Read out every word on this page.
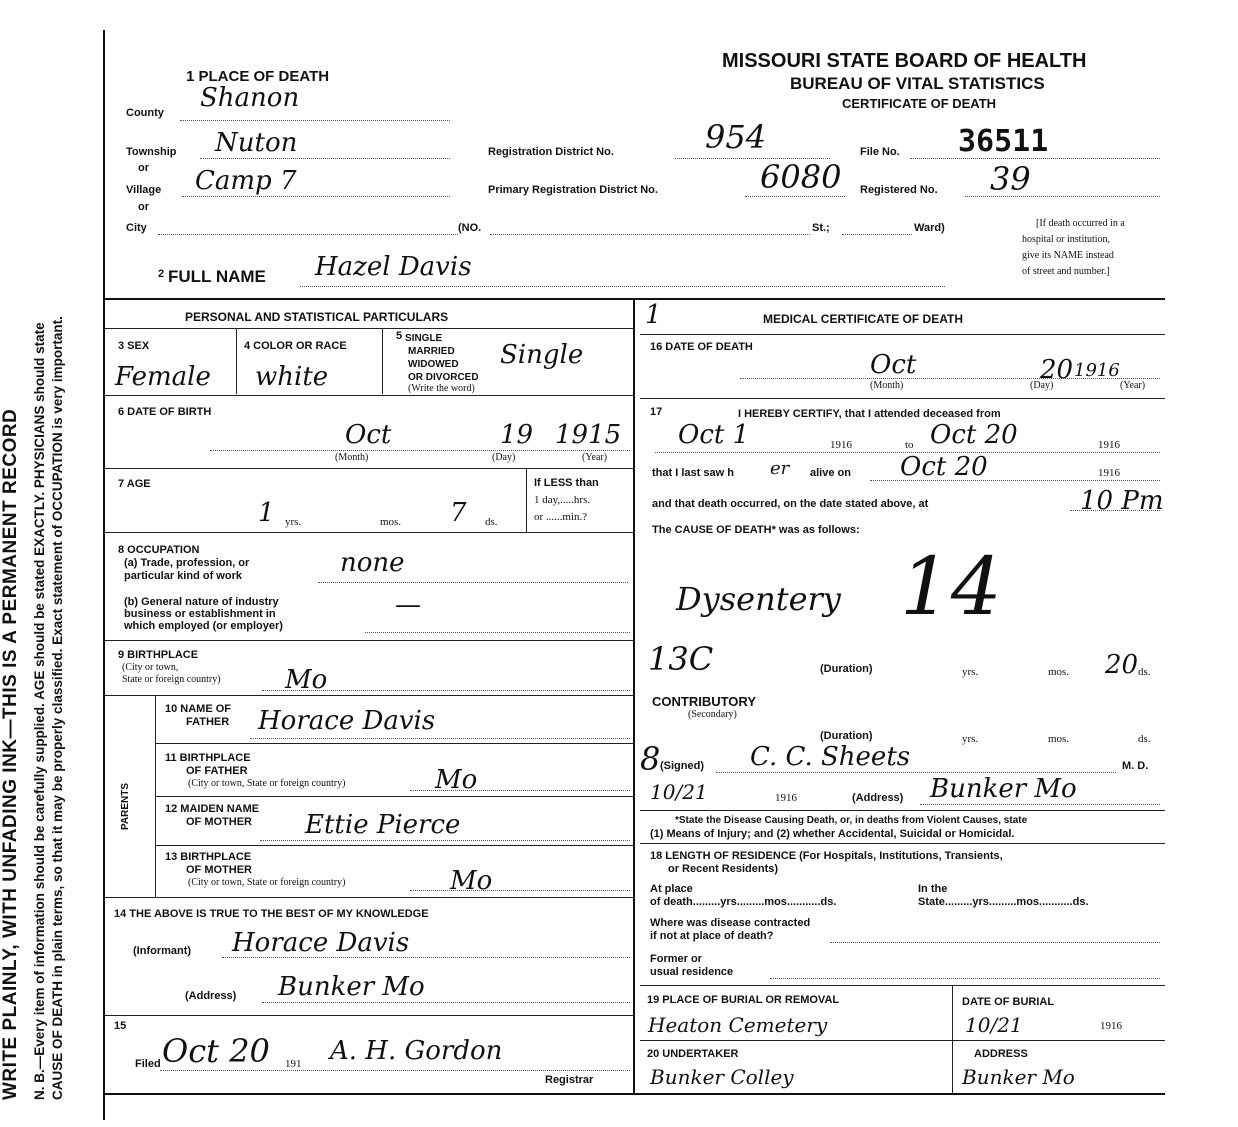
WRITE PLAINLY, WITH UNFADING INK—THIS IS A PERMANENT RECORD N. B.—Every item of information should be carefully supplied. AGE should be stated EXACTLY. PHYSICIANS should state CAUSE OF DEATH in plain terms, so that it may be properly classified. Exact statement of OCCUPATION is very important.
MISSOURI STATE BOARD OF HEALTH
BUREAU OF VITAL STATISTICS
CERTIFICATE OF DEATH
1 PLACE OF DEATH
County Shanon
Township Nuton
or
Village Camp 7
or
City	(NO.	St.;	Ward)
Registration District No.	954
Primary Registration District No.	6080
File No. 36511
Registered No. 39
[If death occurred in a
hospital or institution,
give its NAME instead
of street and number.]
2 FULL NAME Hazel Davis
PERSONAL AND STATISTICAL PARTICULARS
3 SEX
Female
4 COLOR OR RACE
white
5 SINGLE
MARRIED
WIDOWED
OR DIVORCED
(Write the word)
Single
6 DATE OF BIRTH
Oct	19 1915
(Month)	(Day)	(Year)
7 AGE
1 yrs.	mos. 7 ds.
If LESS than
1 day,.....hrs.
or ......min.?
8 OCCUPATION
(a) Trade, profession, or
particular kind of work	none
(b) General nature of industry
business or establishment in
which employed (or employer)
—
9 BIRTHPLACE
(City or town,
State or foreign country) Mo
PARENTS
10 NAME OF
FATHER Horace Davis
11 BIRTHPLACE
OF FATHER
(City or town, State or foreign country)	Mo
12 MAIDEN NAME
OF MOTHER Ettie Pierce
13 BIRTHPLACE
OF MOTHER
(City or town, State or foreign country)	Mo
14 THE ABOVE IS TRUE TO THE BEST OF MY KNOWLEDGE
(Informant) Horace Davis
(Address) Bunker Mo
15
Filed Oct 20 191 A. H. Gordon
Registrar
1	MEDICAL CERTIFICATE OF DEATH
16 DATE OF DEATH
Oct	20 1916
(Month)	(Day)	(Year)
17	I HEREBY CERTIFY, that I attended deceased from
Oct 1	1916	to Oct 20	1916
that I last saw h er alive on Oct 20	1916
and that death occurred, on the date stated above, at	10 Pm
The CAUSE OF DEATH* was as follows:
Dysentery 14
13C	(Duration)	yrs.	mos. 20 ds.
CONTRIBUTORY
(Secondary)
(Duration)	yrs.	mos.	ds.
8 (Signed) C. C. Sheets	M. D.
10/21	1916	(Address) Bunker Mo
*State the Disease Causing Death, or, in deaths from Violent Causes, state
(1) Means of Injury; and (2) whether Accidental, Suicidal or Homicidal.
18 LENGTH OF RESIDENCE (For Hospitals, Institutions, Transients,
or Recent Residents)
At place
of death.........yrs.........mos...........ds.
In the
State.........yrs.........mos...........ds.
Where was disease contracted
if not at place of death?
Former or
usual residence
19 PLACE OF BURIAL OR REMOVAL
Heaton Cemetery
DATE OF BURIAL
10/21	1916
20 UNDERTAKER
Bunker Colley
ADDRESS
Bunker Mo
